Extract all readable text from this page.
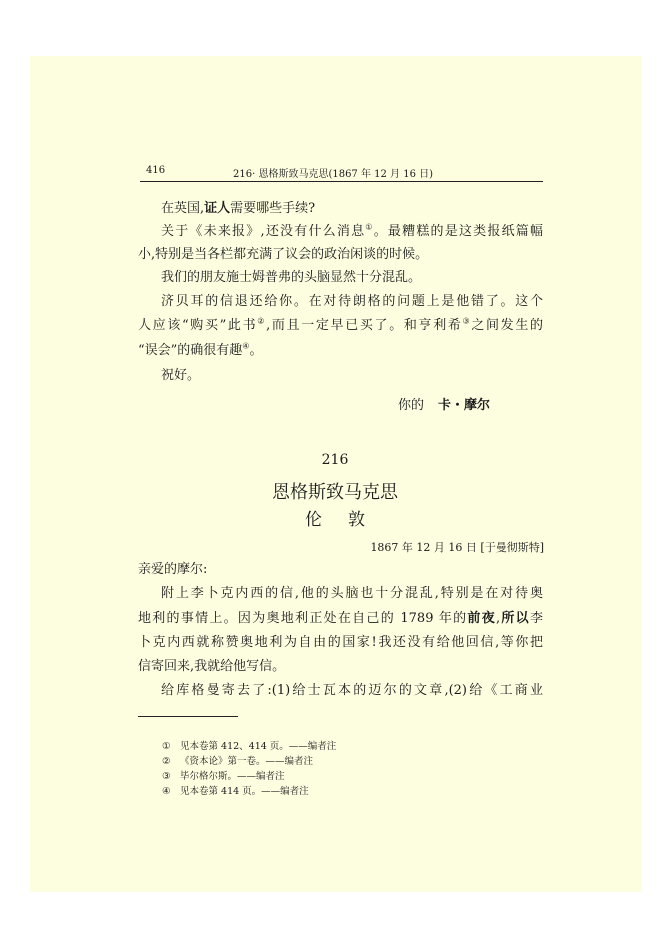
416	216· 恩格斯致马克思(1867 年 12 月 16 日)
在英国,证人需要哪些手续?
关于《未来报》,还没有什么消息①。最糟糕的是这类报纸篇幅
小,特别是当各栏都充满了议会的政治闲谈的时候。
我们的朋友施士姆普弗的头脑显然十分混乱。
济贝耳的信退还给你。在对待朗格的问题上是他错了。这个
人应该“购买”此书②,而且一定早已买了。和亨利希③之间发生的
“误会”的确很有趣④。
祝好。
你的 卡・摩尔
216
恩格斯致马克思
伦敦
1867 年 12 月 16 日 [于曼彻斯特]
亲爱的摩尔:
附上李卜克内西的信,他的头脑也十分混乱,特别是在对待奥
地利的事情上。因为奥地利正处在自己的 1789 年的前夜,所以李
卜克内西就称赞奥地利为自由的国家!我还没有给他回信,等你把
信寄回来,我就给他写信。
给库格曼寄去了:(1)给士瓦本的迈尔的文章,(2)给《工商业
① 见本卷第 412、414 页。——编者注
② 《资本论》第一卷。——编者注
③ 毕尔格尔斯。——编者注
④ 见本卷第 414 页。——编者注
